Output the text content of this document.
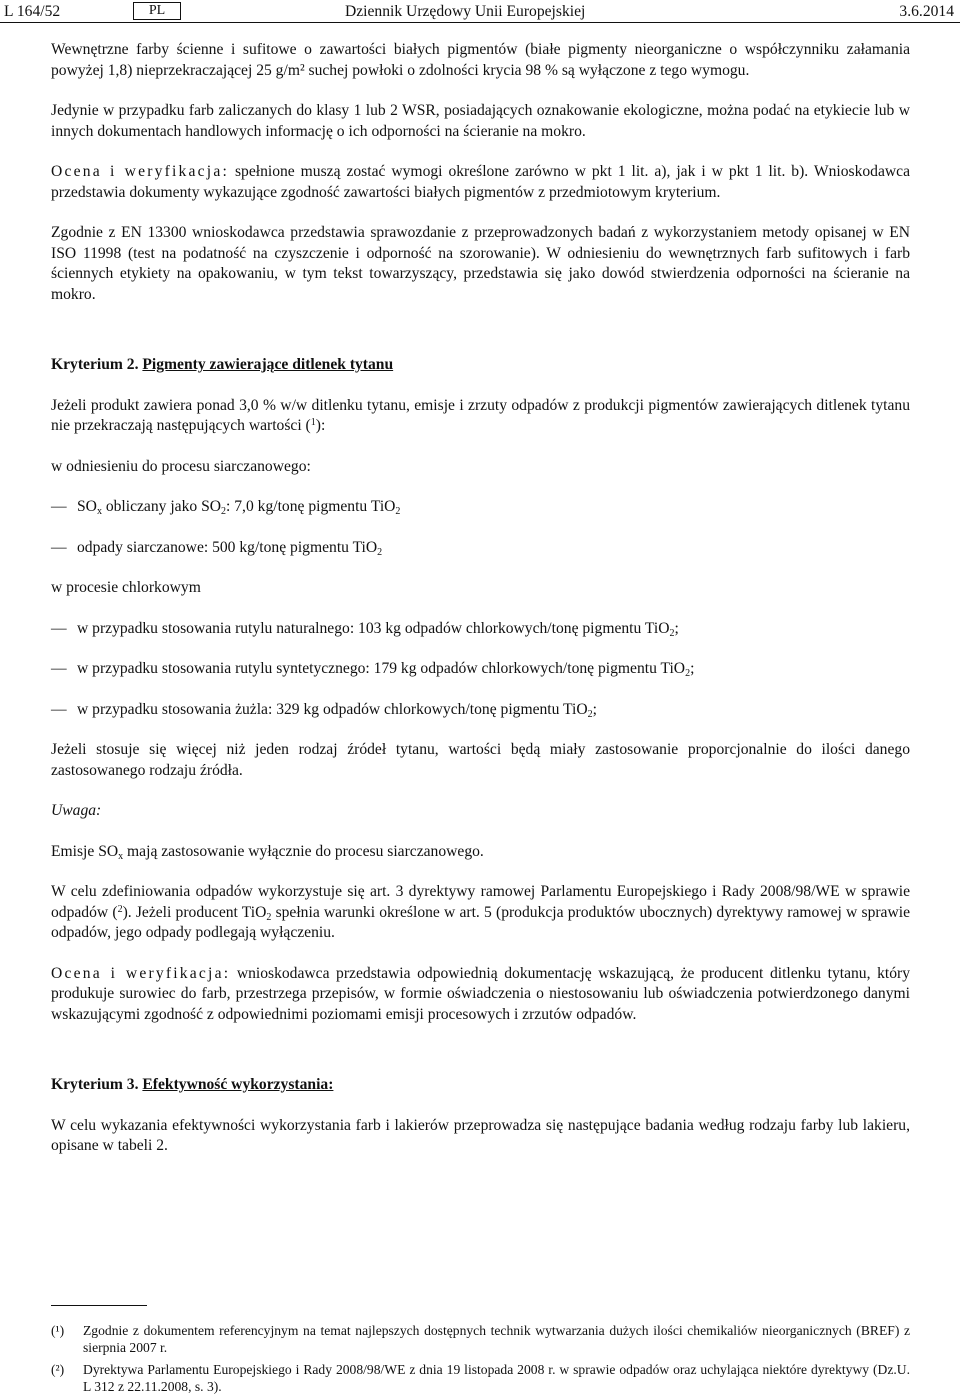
L 164/52	PL	Dziennik Urzędowy Unii Europejskiej	3.6.2014

Wewnętrzne farby ścienne i sufitowe o zawartości białych pigmentów (białe pigmenty nieorganiczne o współczynniku załamania powyżej 1,8) nieprzekraczającej 25 g/m² suchej powłoki o zdolności krycia 98 % są wyłączone z tego wymogu.

Jedynie w przypadku farb zaliczanych do klasy 1 lub 2 WSR, posiadających oznakowanie ekologiczne, można podać na etykiecie lub w innych dokumentach handlowych informację o ich odporności na ścieranie na mokro.

Ocena i weryfikacja: spełnione muszą zostać wymogi określone zarówno w pkt 1 lit. a), jak i w pkt 1 lit. b). Wnioskodawca przedstawia dokumenty wykazujące zgodność zawartości białych pigmentów z przedmiotowym kryterium.

Zgodnie z EN 13300 wnioskodawca przedstawia sprawozdanie z przeprowadzonych badań z wykorzystaniem metody opisanej w EN ISO 11998 (test na podatność na czyszczenie i odporność na szorowanie). W odniesieniu do wewnętrznych farb sufitowych i farb ściennych etykiety na opakowaniu, w tym tekst towarzyszący, przedstawia się jako dowód stwierdzenia odporności na ścieranie na mokro.

Kryterium 2. Pigmenty zawierające ditlenek tytanu

Jeżeli produkt zawiera ponad 3,0 % w/w ditlenku tytanu, emisje i zrzuty odpadów z produkcji pigmentów zawierających ditlenek tytanu nie przekraczają następujących wartości ($^1$):

w odniesieniu do procesu siarczanowego:

— $SO_x$ obliczany jako $SO_2$: 7,0 kg/tonę pigmentu TiO$_2$

— odpady siarczanowe: 500 kg/tonę pigmentu TiO$_2$

w procesie chlorkowym

— w przypadku stosowania rutylu naturalnego: 103 kg odpadów chlorkowych/tonę pigmentu TiO$_2$;

— w przypadku stosowania rutylu syntetycznego: 179 kg odpadów chlorkowych/tonę pigmentu TiO$_2$;

— w przypadku stosowania żużla: 329 kg odpadów chlorkowych/tonę pigmentu TiO$_2$;

Jeżeli stosuje się więcej niż jeden rodzaj źródeł tytanu, wartości będą miały zastosowanie proporcjonalnie do ilości danego zastosowanego rodzaju źródła.

Uwaga:

Emisje $SO_x$ mają zastosowanie wyłącznie do procesu siarczanowego.

W celu zdefiniowania odpadów wykorzystuje się art. 3 dyrektywy ramowej Parlamentu Europejskiego i Rady 2008/98/WE w sprawie odpadów ($^2$). Jeżeli producent TiO$_2$ spełnia warunki określone w art. 5 (produkcja produktów ubocznych) dyrektywy ramowej w sprawie odpadów, jego odpady podlegają wyłączeniu.

Ocena i weryfikacja: wnioskodawca przedstawia odpowiednią dokumentację wskazującą, że producent ditlenku tytanu, który produkuje surowiec do farb, przestrzega przepisów, w formie oświadczenia o niestosowaniu lub oświadczenia potwierdzonego danymi wskazującymi zgodność z odpowiednimi poziomami emisji procesowych i zrzutów odpadów.

Kryterium 3. Efektywność wykorzystania:

W celu wykazania efektywności wykorzystania farb i lakierów przeprowadza się następujące badania według rodzaju farby lub lakieru, opisane w tabeli 2.

(¹) Zgodnie z dokumentem referencyjnym na temat najlepszych dostępnych technik wytwarzania dużych ilości chemikaliów nieorganicznych (BREF) z sierpnia 2007 r.
(²) Dyrektywa Parlamentu Europejskiego i Rady 2008/98/WE z dnia 19 listopada 2008 r. w sprawie odpadów oraz uchylająca niektóre dyrektywy (Dz.U. L 312 z 22.11.2008, s. 3).
